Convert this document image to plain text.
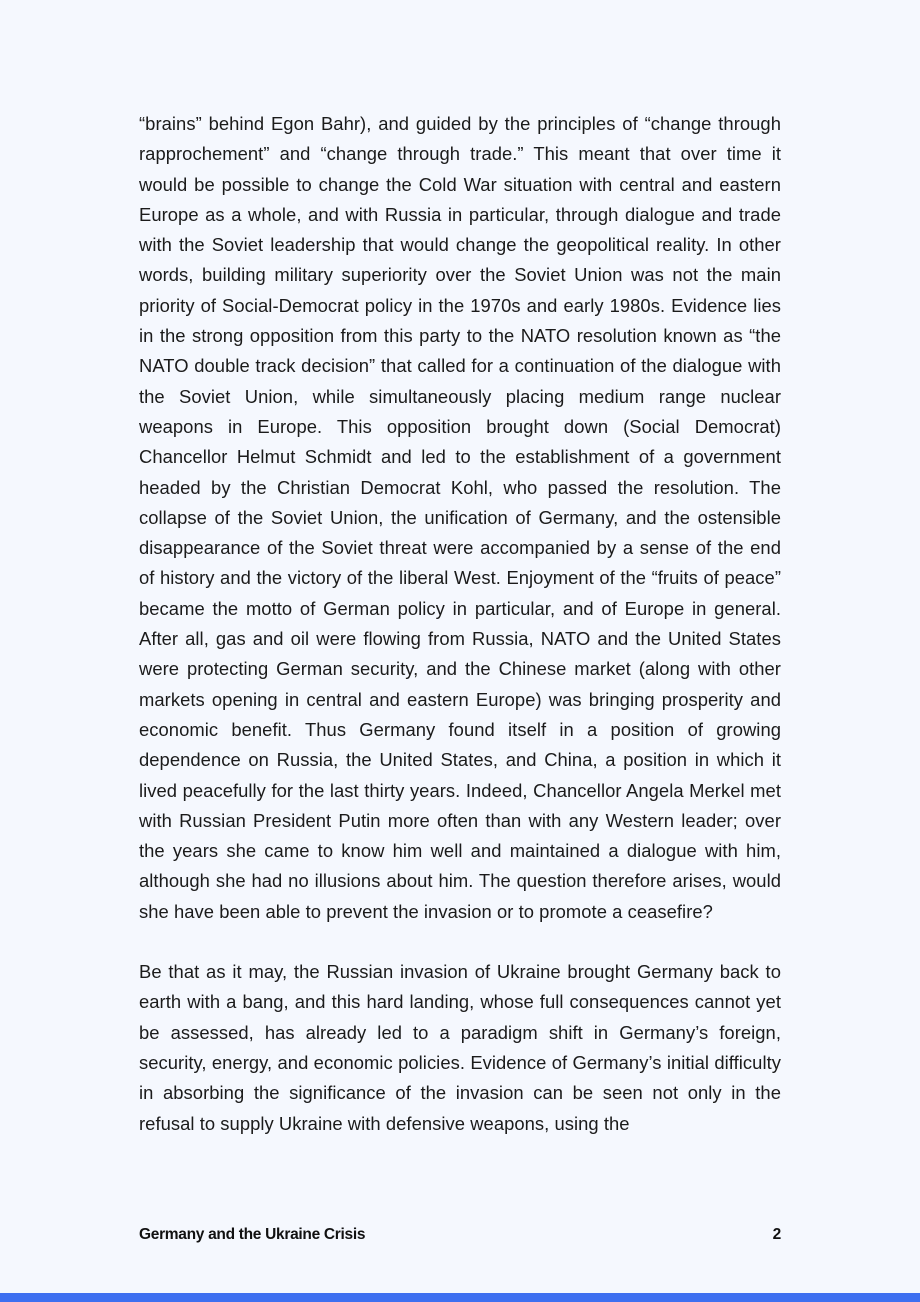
“brains” behind Egon Bahr), and guided by the principles of “change through rapprochement” and “change through trade.” This meant that over time it would be possible to change the Cold War situation with central and eastern Europe as a whole, and with Russia in particular, through dialogue and trade with the Soviet leadership that would change the geopolitical reality. In other words, building military superiority over the Soviet Union was not the main priority of Social-Democrat policy in the 1970s and early 1980s. Evidence lies in the strong opposition from this party to the NATO resolution known as “the NATO double track decision” that called for a continuation of the dialogue with the Soviet Union, while simultaneously placing medium range nuclear weapons in Europe. This opposition brought down (Social Democrat) Chancellor Helmut Schmidt and led to the establishment of a government headed by the Christian Democrat Kohl, who passed the resolution. The collapse of the Soviet Union, the unification of Germany, and the ostensible disappearance of the Soviet threat were accompanied by a sense of the end of history and the victory of the liberal West. Enjoyment of the “fruits of peace” became the motto of German policy in particular, and of Europe in general. After all, gas and oil were flowing from Russia, NATO and the United States were protecting German security, and the Chinese market (along with other markets opening in central and eastern Europe) was bringing prosperity and economic benefit. Thus Germany found itself in a position of growing dependence on Russia, the United States, and China, a position in which it lived peacefully for the last thirty years. Indeed, Chancellor Angela Merkel met with Russian President Putin more often than with any Western leader; over the years she came to know him well and maintained a dialogue with him, although she had no illusions about him. The question therefore arises, would she have been able to prevent the invasion or to promote a ceasefire?

Be that as it may, the Russian invasion of Ukraine brought Germany back to earth with a bang, and this hard landing, whose full consequences cannot yet be assessed, has already led to a paradigm shift in Germany’s foreign, security, energy, and economic policies. Evidence of Germany’s initial difficulty in absorbing the significance of the invasion can be seen not only in the refusal to supply Ukraine with defensive weapons, using the

Germany and the Ukraine Crisis	2
